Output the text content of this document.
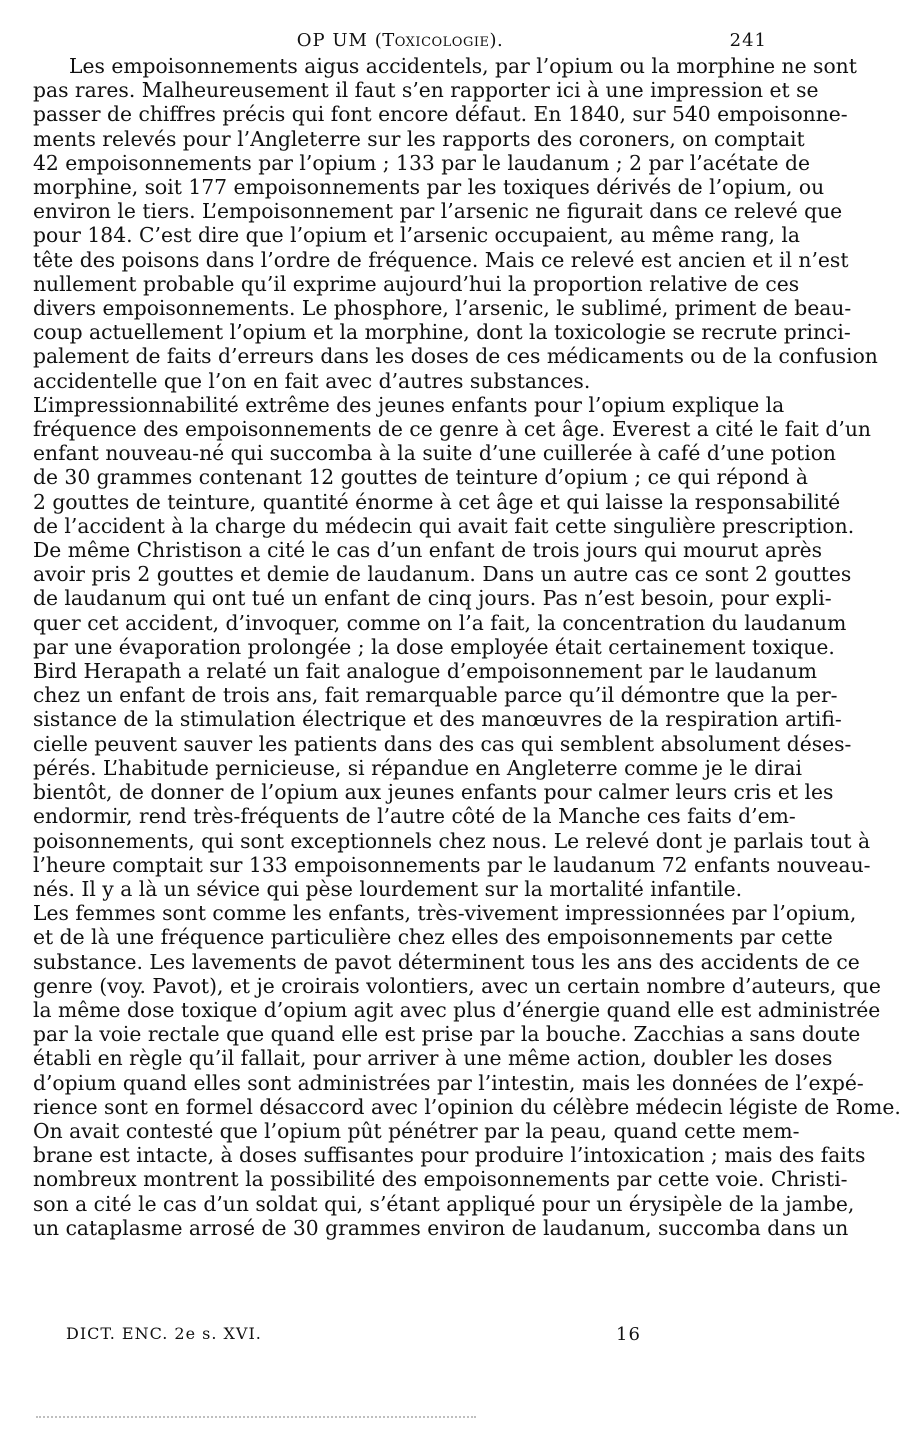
OP UM (Toxicologie).	241
Les empoisonnements aigus accidentels, par l’opium ou la morphine ne sont
pas rares. Malheureusement il faut s’en rapporter ici à une impression et se
passer de chiffres précis qui font encore défaut. En 1840, sur 540 empoisonne-
ments relevés pour l’Angleterre sur les rapports des coroners, on comptait
42 empoisonnements par l’opium ; 133 par le laudanum ; 2 par l’acétate de
morphine, soit 177 empoisonnements par les toxiques dérivés de l’opium, ou
environ le tiers. L’empoisonnement par l’arsenic ne figurait dans ce relevé que
pour 184. C’est dire que l’opium et l’arsenic occupaient, au même rang, la
tête des poisons dans l’ordre de fréquence. Mais ce relevé est ancien et il n’est
nullement probable qu’il exprime aujourd’hui la proportion relative de ces
divers empoisonnements. Le phosphore, l’arsenic, le sublimé, priment de beau-
coup actuellement l’opium et la morphine, dont la toxicologie se recrute princi-
palement de faits d’erreurs dans les doses de ces médicaments ou de la confusion
accidentelle que l’on en fait avec d’autres substances.
L’impressionnabilité extrême des jeunes enfants pour l’opium explique la
fréquence des empoisonnements de ce genre à cet âge. Everest a cité le fait d’un
enfant nouveau-né qui succomba à la suite d’une cuillerée à café d’une potion
de 30 grammes contenant 12 gouttes de teinture d’opium ; ce qui répond à
2 gouttes de teinture, quantité énorme à cet âge et qui laisse la responsabilité
de l’accident à la charge du médecin qui avait fait cette singulière prescription.
De même Christison a cité le cas d’un enfant de trois jours qui mourut après
avoir pris 2 gouttes et demie de laudanum. Dans un autre cas ce sont 2 gouttes
de laudanum qui ont tué un enfant de cinq jours. Pas n’est besoin, pour expli-
quer cet accident, d’invoquer, comme on l’a fait, la concentration du laudanum
par une évaporation prolongée ; la dose employée était certainement toxique.
Bird Herapath a relaté un fait analogue d’empoisonnement par le laudanum
chez un enfant de trois ans, fait remarquable parce qu’il démontre que la per-
sistance de la stimulation électrique et des manœuvres de la respiration artifi-
cielle peuvent sauver les patients dans des cas qui semblent absolument déses-
pérés. L’habitude pernicieuse, si répandue en Angleterre comme je le dirai
bientôt, de donner de l’opium aux jeunes enfants pour calmer leurs cris et les
endormir, rend très-fréquents de l’autre côté de la Manche ces faits d’em-
poisonnements, qui sont exceptionnels chez nous. Le relevé dont je parlais tout à
l’heure comptait sur 133 empoisonnements par le laudanum 72 enfants nouveau-
nés. Il y a là un sévice qui pèse lourdement sur la mortalité infantile.
Les femmes sont comme les enfants, très-vivement impressionnées par l’opium,
et de là une fréquence particulière chez elles des empoisonnements par cette
substance. Les lavements de pavot déterminent tous les ans des accidents de ce
genre (voy. Pavot), et je croirais volontiers, avec un certain nombre d’auteurs, que
la même dose toxique d’opium agit avec plus d’énergie quand elle est administrée
par la voie rectale que quand elle est prise par la bouche. Zacchias a sans doute
établi en règle qu’il fallait, pour arriver à une même action, doubler les doses
d’opium quand elles sont administrées par l’intestin, mais les données de l’expé-
rience sont en formel désaccord avec l’opinion du célèbre médecin légiste de Rome.
On avait contesté que l’opium pût pénétrer par la peau, quand cette mem-
brane est intacte, à doses suffisantes pour produire l’intoxication ; mais des faits
nombreux montrent la possibilité des empoisonnements par cette voie. Christi-
son a cité le cas d’un soldat qui, s’étant appliqué pour un érysipèle de la jambe,
un cataplasme arrosé de 30 grammes environ de laudanum, succomba dans un
DICT. ENC. 2e s. XVI.	16
